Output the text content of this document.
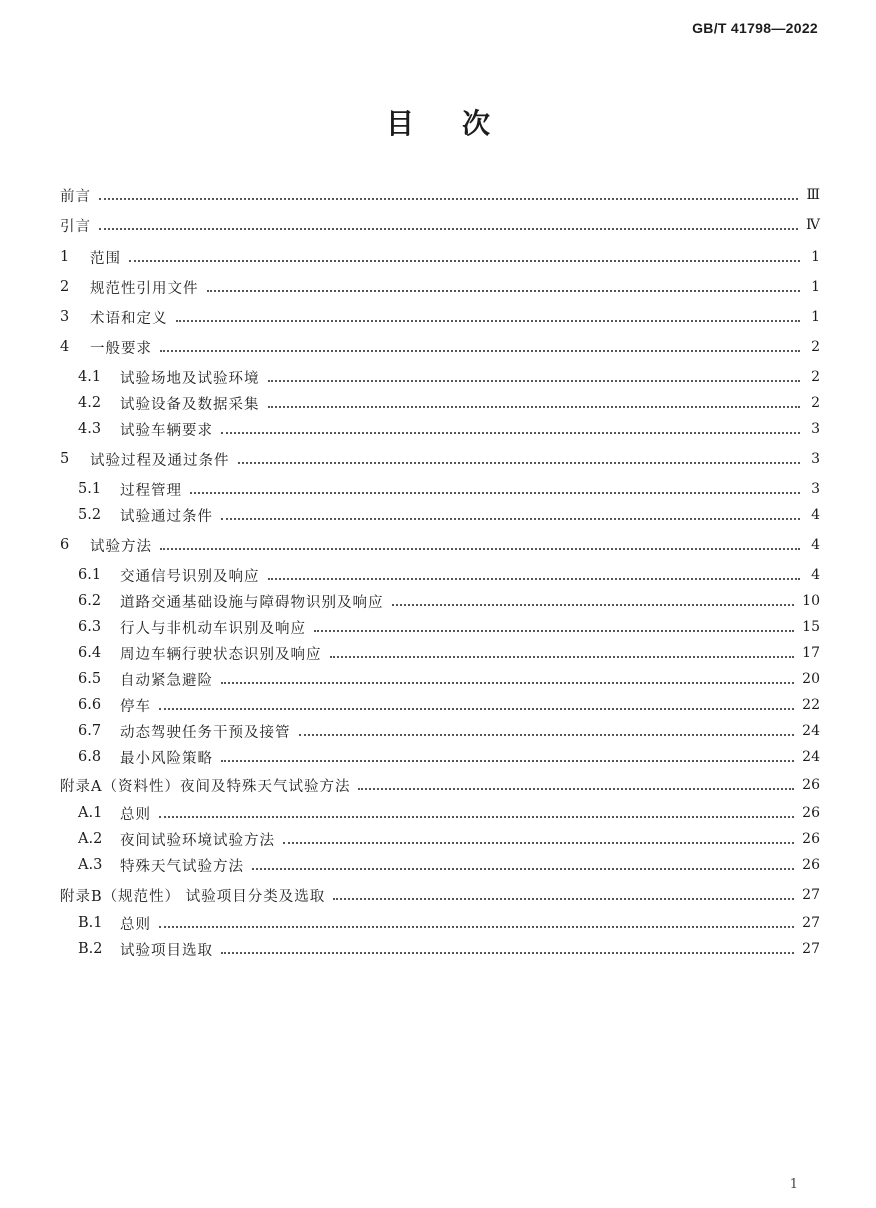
GB/T 41798—2022
目 次
前言	Ⅲ
引言	Ⅳ
1	范围	1
2	规范性引用文件	1
3	术语和定义	1
4	一般要求	2
4.1	试验场地及试验环境	2
4.2	试验设备及数据采集	2
4.3	试验车辆要求	3
5	试验过程及通过条件	3
5.1	过程管理	3
5.2	试验通过条件	4
6	试验方法	4
6.1	交通信号识别及响应	4
6.2	道路交通基础设施与障碍物识别及响应	10
6.3	行人与非机动车识别及响应	15
6.4	周边车辆行驶状态识别及响应	17
6.5	自动紧急避险	20
6.6	停车	22
6.7	动态驾驶任务干预及接管	24
6.8	最小风险策略	24
附录A（资料性）夜间及特殊天气试验方法	26
A.1	总则	26
A.2	夜间试验环境试验方法	26
A.3	特殊天气试验方法	26
附录B（规范性） 试验项目分类及选取	27
B.1	总则	27
B.2	试验项目选取	27
1
